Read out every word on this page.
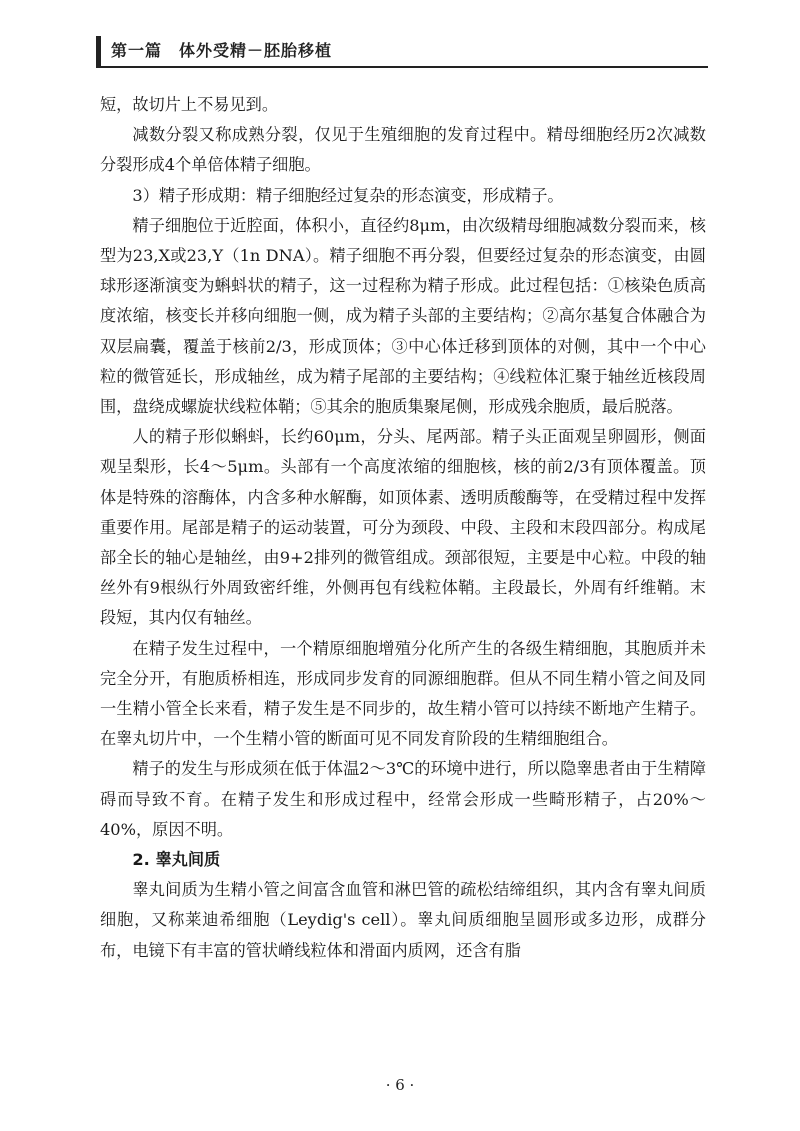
第一篇　体外受精－胚胎移植

短，故切片上不易见到。

减数分裂又称成熟分裂，仅见于生殖细胞的发育过程中。精母细胞经历2次减数分裂形成4个单倍体精子细胞。

3）精子形成期：精子细胞经过复杂的形态演变，形成精子。

精子细胞位于近腔面，体积小，直径约8μm，由次级精母细胞减数分裂而来，核型为23,X或23,Y（1n DNA）。精子细胞不再分裂，但要经过复杂的形态演变，由圆球形逐渐演变为蝌蚪状的精子，这一过程称为精子形成。此过程包括：①核染色质高度浓缩，核变长并移向细胞一侧，成为精子头部的主要结构；②高尔基复合体融合为双层扁囊，覆盖于核前2/3，形成顶体；③中心体迁移到顶体的对侧，其中一个中心粒的微管延长，形成轴丝，成为精子尾部的主要结构；④线粒体汇聚于轴丝近核段周围，盘绕成螺旋状线粒体鞘；⑤其余的胞质集聚尾侧，形成残余胞质，最后脱落。

人的精子形似蝌蚪，长约60μm，分头、尾两部。精子头正面观呈卵圆形，侧面观呈梨形，长4～5μm。头部有一个高度浓缩的细胞核，核的前2/3有顶体覆盖。顶体是特殊的溶酶体，内含多种水解酶，如顶体素、透明质酸酶等，在受精过程中发挥重要作用。尾部是精子的运动装置，可分为颈段、中段、主段和末段四部分。构成尾部全长的轴心是轴丝，由9+2排列的微管组成。颈部很短，主要是中心粒。中段的轴丝外有9根纵行外周致密纤维，外侧再包有线粒体鞘。主段最长，外周有纤维鞘。末段短，其内仅有轴丝。

在精子发生过程中，一个精原细胞增殖分化所产生的各级生精细胞，其胞质并未完全分开，有胞质桥相连，形成同步发育的同源细胞群。但从不同生精小管之间及同一生精小管全长来看，精子发生是不同步的，故生精小管可以持续不断地产生精子。在睾丸切片中，一个生精小管的断面可见不同发育阶段的生精细胞组合。

精子的发生与形成须在低于体温2～3℃的环境中进行，所以隐睾患者由于生精障碍而导致不育。在精子发生和形成过程中，经常会形成一些畸形精子，占20%～40%，原因不明。

2. 睾丸间质

睾丸间质为生精小管之间富含血管和淋巴管的疏松结缔组织，其内含有睾丸间质细胞，又称莱迪希细胞（Leydig's cell）。睾丸间质细胞呈圆形或多边形，成群分布，电镜下有丰富的管状嵴线粒体和滑面内质网，还含有脂

· 6 ·
